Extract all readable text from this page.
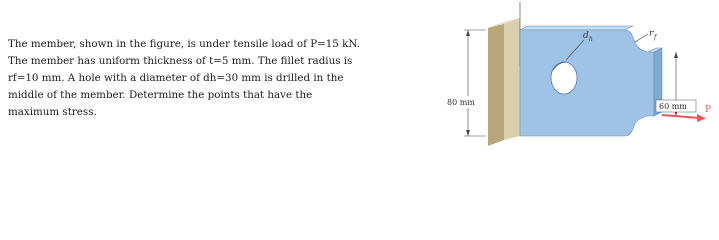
The member, shown in the figure, is under tensile load of P=15 kN.
The member has uniform thickness of t=5 mm. The fillet radius is
rf=10 mm. A hole with a diameter of dh=30 mm is drilled in the
middle of the member. Determine the points that have the
maximum stress.
d h
r f
80 mm	60 mm P
